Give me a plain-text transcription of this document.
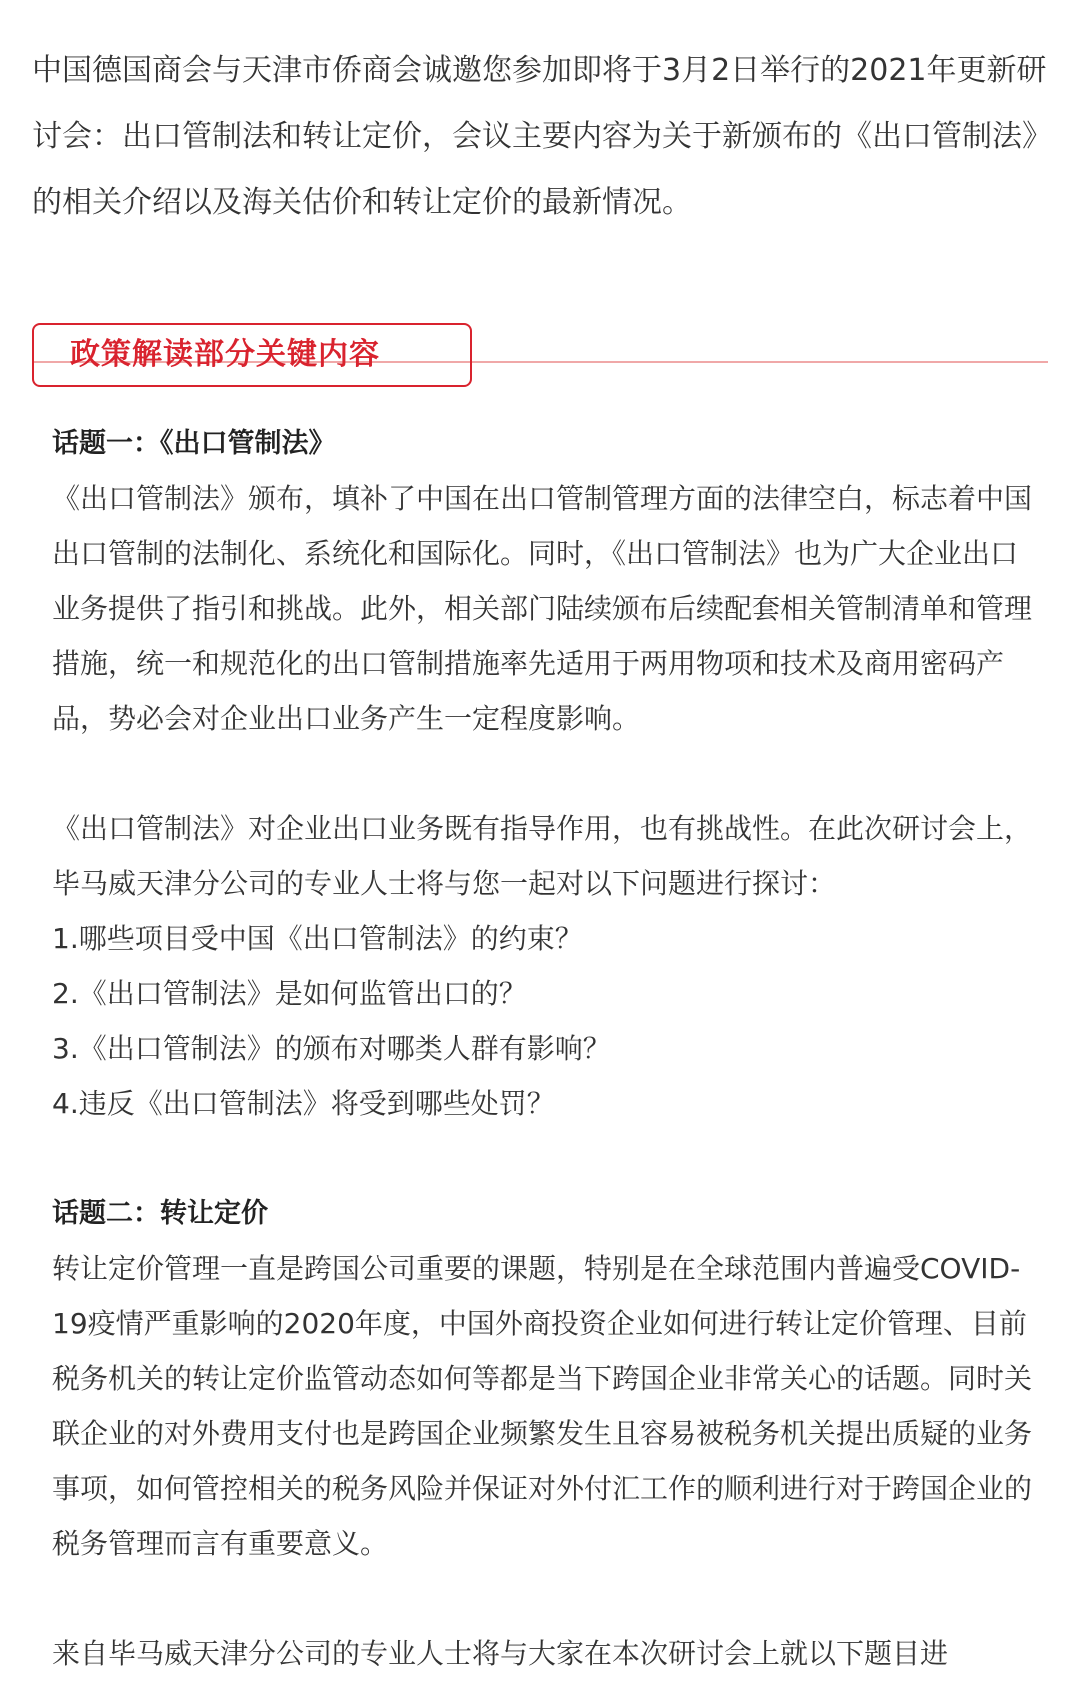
中国德国商会与天津市侨商会诚邀您参加即将于3月2日举行的2021年更新研讨会：出口管制法和转让定价，会议主要内容为关于新颁布的《出口管制法》的相关介绍以及海关估价和转让定价的最新情况。

政策解读部分关键内容
话题一：《出口管制法》

《出口管制法》颁布，填补了中国在出口管制管理方面的法律空白，标志着中国出口管制的法制化、系统化和国际化。同时，《出口管制法》也为广大企业出口业务提供了指引和挑战。此外，相关部门陆续颁布后续配套相关管制清单和管理措施，统一和规范化的出口管制措施率先适用于两用物项和技术及商用密码产品，势必会对企业出口业务产生一定程度影响。

《出口管制法》对企业出口业务既有指导作用，也有挑战性。在此次研讨会上，毕马威天津分公司的专业人士将与您一起对以下问题进行探讨：

1.哪些项目受中国《出口管制法》的约束？

2.《出口管制法》是如何监管出口的？

3.《出口管制法》的颁布对哪类人群有影响？

4.违反《出口管制法》将受到哪些处罚？

话题二：转让定价

转让定价管理一直是跨国公司重要的课题，特别是在全球范围内普遍受COVID-19疫情严重影响的2020年度，中国外商投资企业如何进行转让定价管理、目前税务机关的转让定价监管动态如何等都是当下跨国企业非常关心的话题。同时关联企业的对外费用支付也是跨国企业频繁发生且容易被税务机关提出质疑的业务事项，如何管控相关的税务风险并保证对外付汇工作的顺利进行对于跨国企业的税务管理而言有重要意义。

来自毕马威天津分公司的专业人士将与大家在本次研讨会上就以下题目进
